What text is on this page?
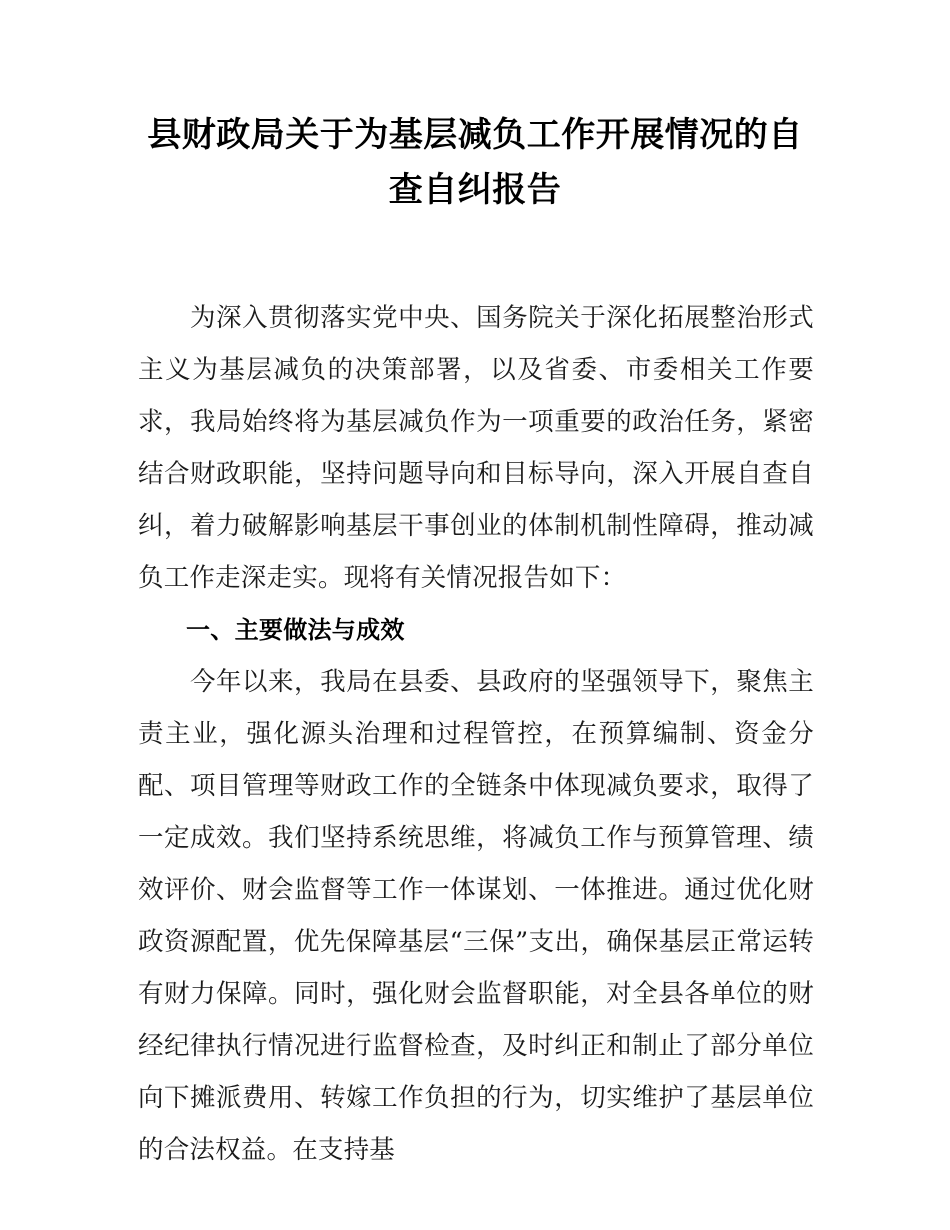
县财政局关于为基层减负工作开展情况的自查自纠报告

为深入贯彻落实党中央、国务院关于深化拓展整治形式主义为基层减负的决策部署，以及省委、市委相关工作要求，我局始终将为基层减负作为一项重要的政治任务，紧密结合财政职能，坚持问题导向和目标导向，深入开展自查自纠，着力破解影响基层干事创业的体制机制性障碍，推动减负工作走深走实。现将有关情况报告如下：

一、主要做法与成效

今年以来，我局在县委、县政府的坚强领导下，聚焦主责主业，强化源头治理和过程管控，在预算编制、资金分配、项目管理等财政工作的全链条中体现减负要求，取得了一定成效。我们坚持系统思维，将减负工作与预算管理、绩效评价、财会监督等工作一体谋划、一体推进。通过优化财政资源配置，优先保障基层“三保”支出，确保基层正常运转有财力保障。同时，强化财会监督职能，对全县各单位的财经纪律执行情况进行监督检查，及时纠正和制止了部分单位向下摊派费用、转嫁工作负担的行为，切实维护了基层单位的合法权益。在支持基
